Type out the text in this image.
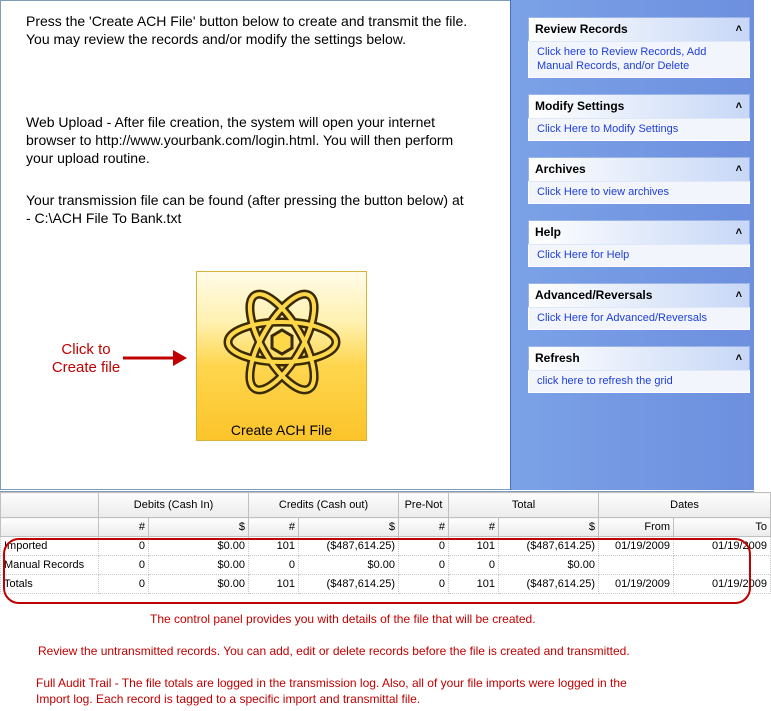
Press the 'Create ACH File' button below to create and transmit the file.
You may review the records and/or modify the settings below.
Web Upload - After file creation, the system will open your internet
browser to http://www.yourbank.com/login.html. You will then perform
your upload routine.
Your transmission file can be found (after pressing the button below) at
- C:\ACH File To Bank.txt
Click to
Create file
Create ACH File
Review Records	˄
Click here to Review Records, Add Manual Records, and/or Delete
Modify Settings	˄
Click Here to Modify Settings
Archives	˄
Click Here to view archives
Help	˄
Click Here for Help
Advanced/Reversals	˄
Click Here for Advanced/Reversals
Refresh	˄
click here to refresh the grid
	Debits (Cash In)		Credits (Cash out)		Pre-Not	Total		Dates	
	#	$	#	$	#	#	$	From	To
Imported	0	$0.00	101	($487,614.25)	0	101	($487,614.25)	01/19/2009	01/19/2009
Manual Records	0	$0.00	0	$0.00	0	0	$0.00		
Totals	0	$0.00	101	($487,614.25)	0	101	($487,614.25)	01/19/2009	01/19/2009
The control panel provides you with details of the file that will be created.
Review the untransmitted records. You can add, edit or delete records before the file is created and transmitted.
Full Audit Trail - The file totals are logged in the transmission log. Also, all of your file imports were logged in the
Import log. Each record is tagged to a specific import and transmittal file.
